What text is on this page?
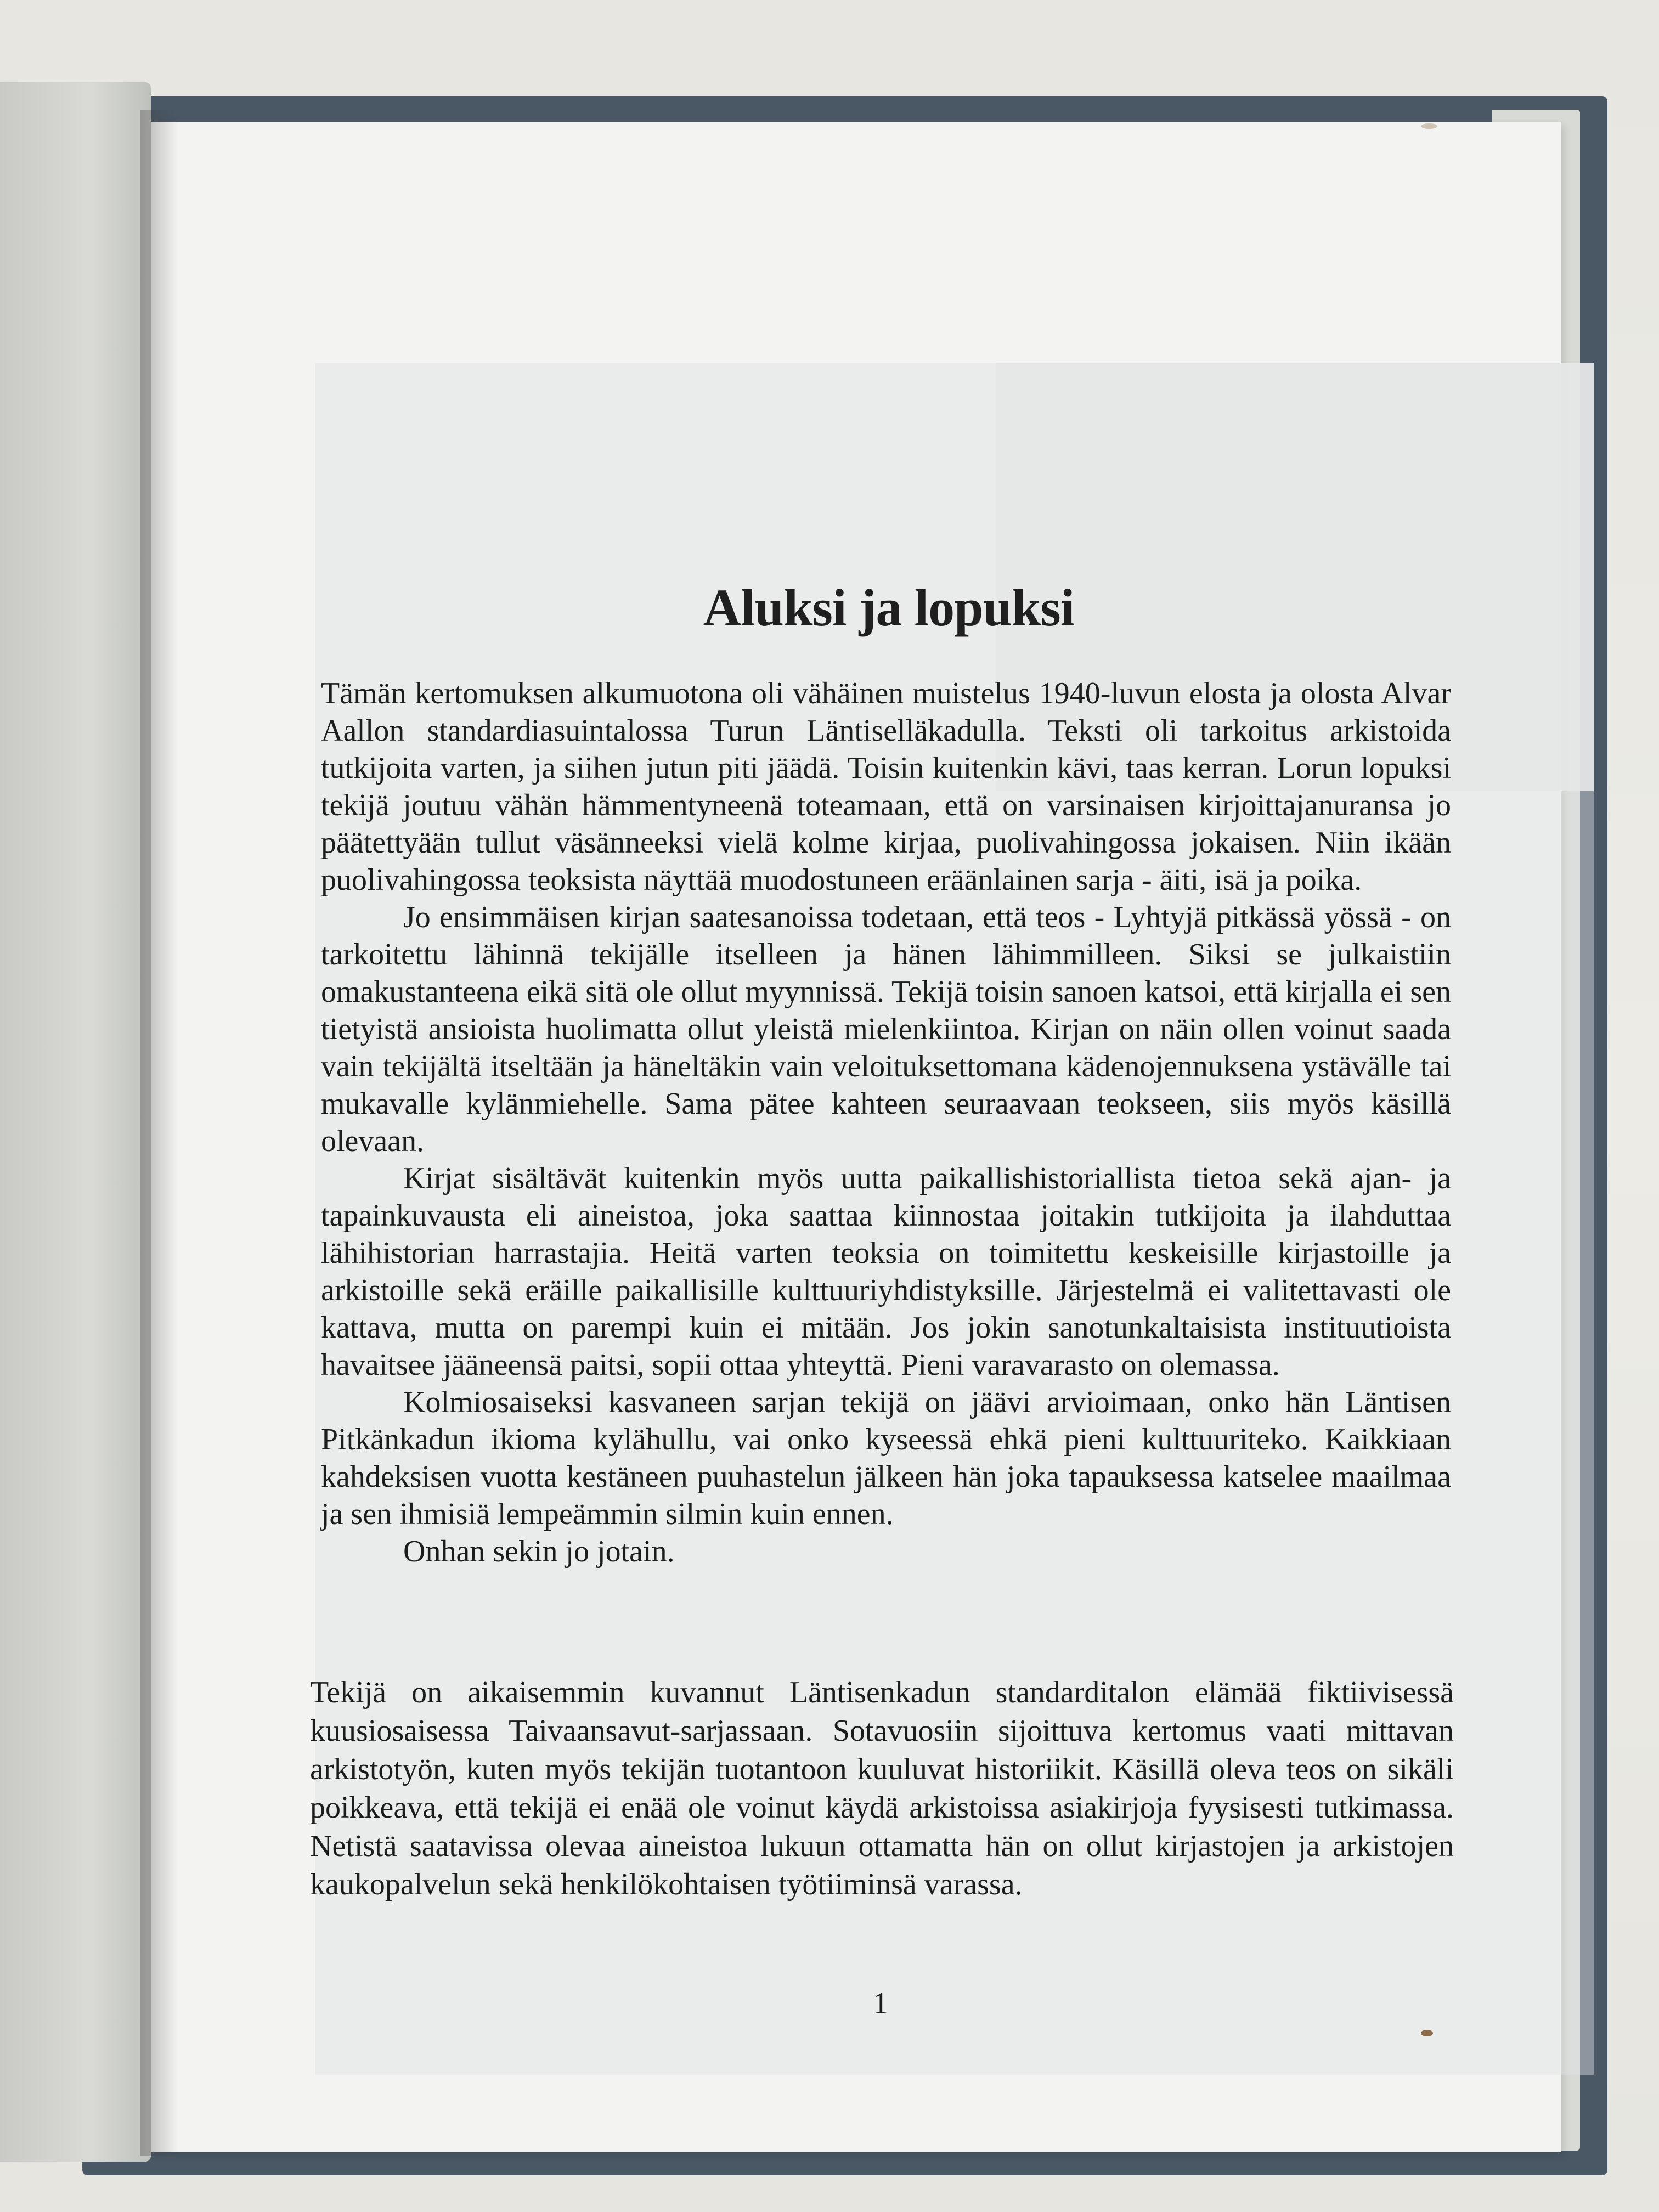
Aluksi ja lopuksi

Tämän kertomuksen alkumuotona oli vähäinen muistelus 1940-luvun elosta ja olosta Alvar Aallon standardiasuintalossa Turun Läntiselläkadulla. Teksti oli tarkoitus arkistoida tutkijoita varten, ja siihen jutun piti jäädä. Toisin kuitenkin kävi, taas kerran. Lorun lopuksi tekijä joutuu vähän hämmentyneenä toteamaan, että on varsinaisen kirjoittajanuransa jo päätettyään tullut väsänneeksi vielä kolme kirjaa, puolivahingossa jokaisen. Niin ikään puolivahingossa teoksista näyttää muodostuneen eräänlainen sarja - äiti, isä ja poika.

Jo ensimmäisen kirjan saatesanoissa todetaan, että teos - Lyhtyjä pitkässä yössä - on tarkoitettu lähinnä tekijälle itselleen ja hänen lähimmilleen. Siksi se julkaistiin omakustanteena eikä sitä ole ollut myynnissä. Tekijä toisin sanoen katsoi, että kirjalla ei sen tietyistä ansioista huolimatta ollut yleistä mielenkiintoa. Kirjan on näin ollen voinut saada vain tekijältä itseltään ja häneltäkin vain veloituksettomana kädenojennuksena ystävälle tai mukavalle kylänmiehelle. Sama pätee kahteen seuraavaan teokseen, siis myös käsillä olevaan.

Kirjat sisältävät kuitenkin myös uutta paikallishistoriallista tietoa sekä ajan- ja tapainkuvausta eli aineistoa, joka saattaa kiinnostaa joitakin tutkijoita ja ilahduttaa lähihistorian harrastajia. Heitä varten teoksia on toimitettu keskeisille kirjastoille ja arkistoille sekä eräille paikallisille kulttuuriyhdistyksille. Järjestelmä ei valitettavasti ole kattava, mutta on parempi kuin ei mitään. Jos jokin sanotunkaltaisista instituutioista havaitsee jääneensä paitsi, sopii ottaa yhteyttä. Pieni varavarasto on olemassa.

Kolmiosaiseksi kasvaneen sarjan tekijä on jäävi arvioimaan, onko hän Läntisen Pitkänkadun ikioma kylähullu, vai onko kyseessä ehkä pieni kulttuuriteko. Kaikkiaan kahdeksisen vuotta kestäneen puuhastelun jälkeen hän joka tapauksessa katselee maailmaa ja sen ihmisiä lempeämmin silmin kuin ennen.

Onhan sekin jo jotain.

Tekijä on aikaisemmin kuvannut Läntisenkadun standarditalon elämää fiktiivisessä kuusiosaisessa Taivaansavut-sarjassaan. Sotavuosiin sijoittuva kertomus vaati mittavan arkistotyön, kuten myös tekijän tuotantoon kuuluvat historiikit. Käsillä oleva teos on sikäli poikkeava, että tekijä ei enää ole voinut käydä arkistoissa asiakirjoja fyysisesti tutkimassa. Netistä saatavissa olevaa aineistoa lukuun ottamatta hän on ollut kirjastojen ja arkistojen kaukopalvelun sekä henkilökohtaisen työtiiminsä varassa.

1
